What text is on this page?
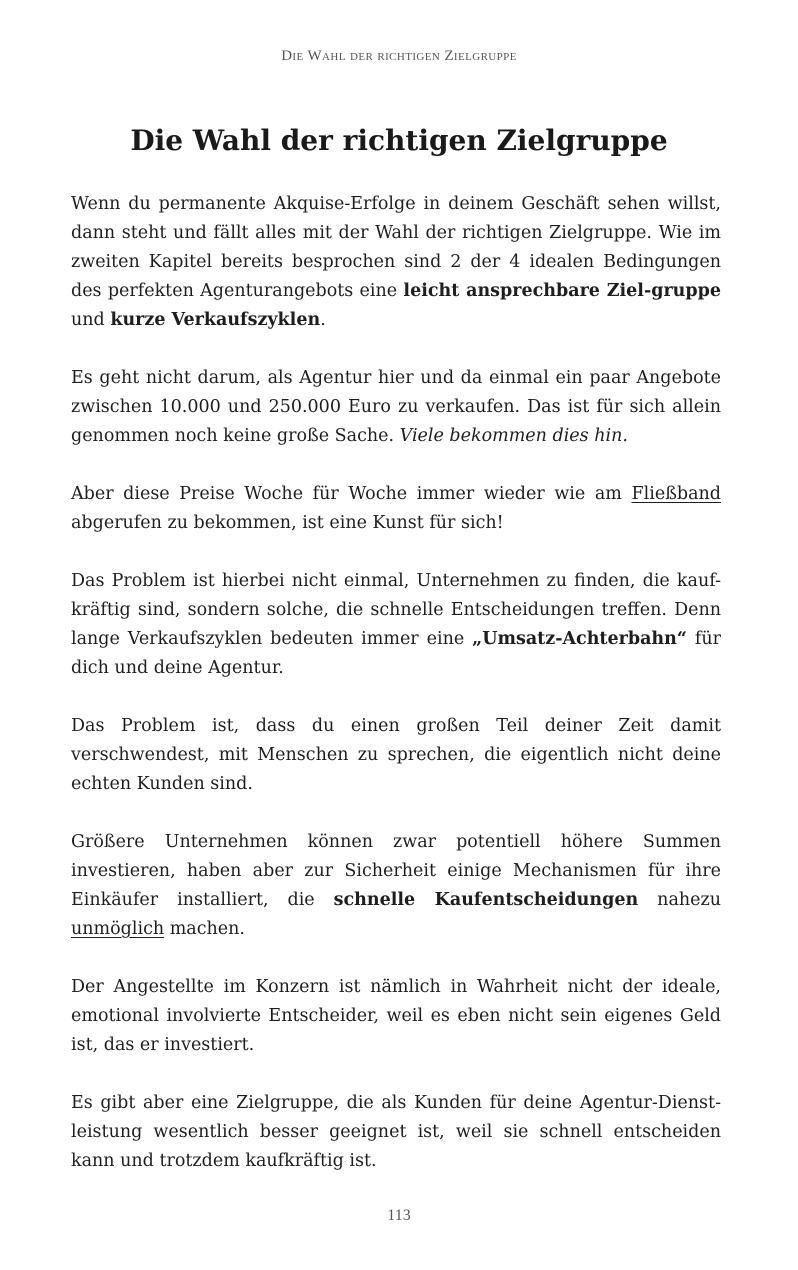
Die Wahl der richtigen Zielgruppe
Die Wahl der richtigen Zielgruppe

Wenn du permanente Akquise-Erfolge in deinem Geschäft sehen willst, dann steht und fällt alles mit der Wahl der richtigen Zielgruppe. Wie im zweiten Kapitel bereits besprochen sind 2 der 4 idealen Bedingungen des perfekten Agenturangebots eine leicht ansprechbare Ziel-gruppe und kurze Verkaufszyklen.

Es geht nicht darum, als Agentur hier und da einmal ein paar Angebote zwischen 10.000 und 250.000 Euro zu verkaufen. Das ist für sich allein genommen noch keine große Sache. Viele bekommen dies hin.

Aber diese Preise Woche für Woche immer wieder wie am Fließband abgerufen zu bekommen, ist eine Kunst für sich!

Das Problem ist hierbei nicht einmal, Unternehmen zu finden, die kauf-kräftig sind, sondern solche, die schnelle Entscheidungen treffen. Denn lange Verkaufszyklen bedeuten immer eine „Umsatz-Achterbahn“ für dich und deine Agentur.

Das Problem ist, dass du einen großen Teil deiner Zeit damit verschwendest, mit Menschen zu sprechen, die eigentlich nicht deine echten Kunden sind.

Größere Unternehmen können zwar potentiell höhere Summen investieren, haben aber zur Sicherheit einige Mechanismen für ihre Einkäufer installiert, die schnelle Kaufentscheidungen nahezu unmöglich machen.

Der Angestellte im Konzern ist nämlich in Wahrheit nicht der ideale, emotional involvierte Entscheider, weil es eben nicht sein eigenes Geld ist, das er investiert.

Es gibt aber eine Zielgruppe, die als Kunden für deine Agentur-Dienst-leistung wesentlich besser geeignet ist, weil sie schnell entscheiden kann und trotzdem kaufkräftig ist.

113
